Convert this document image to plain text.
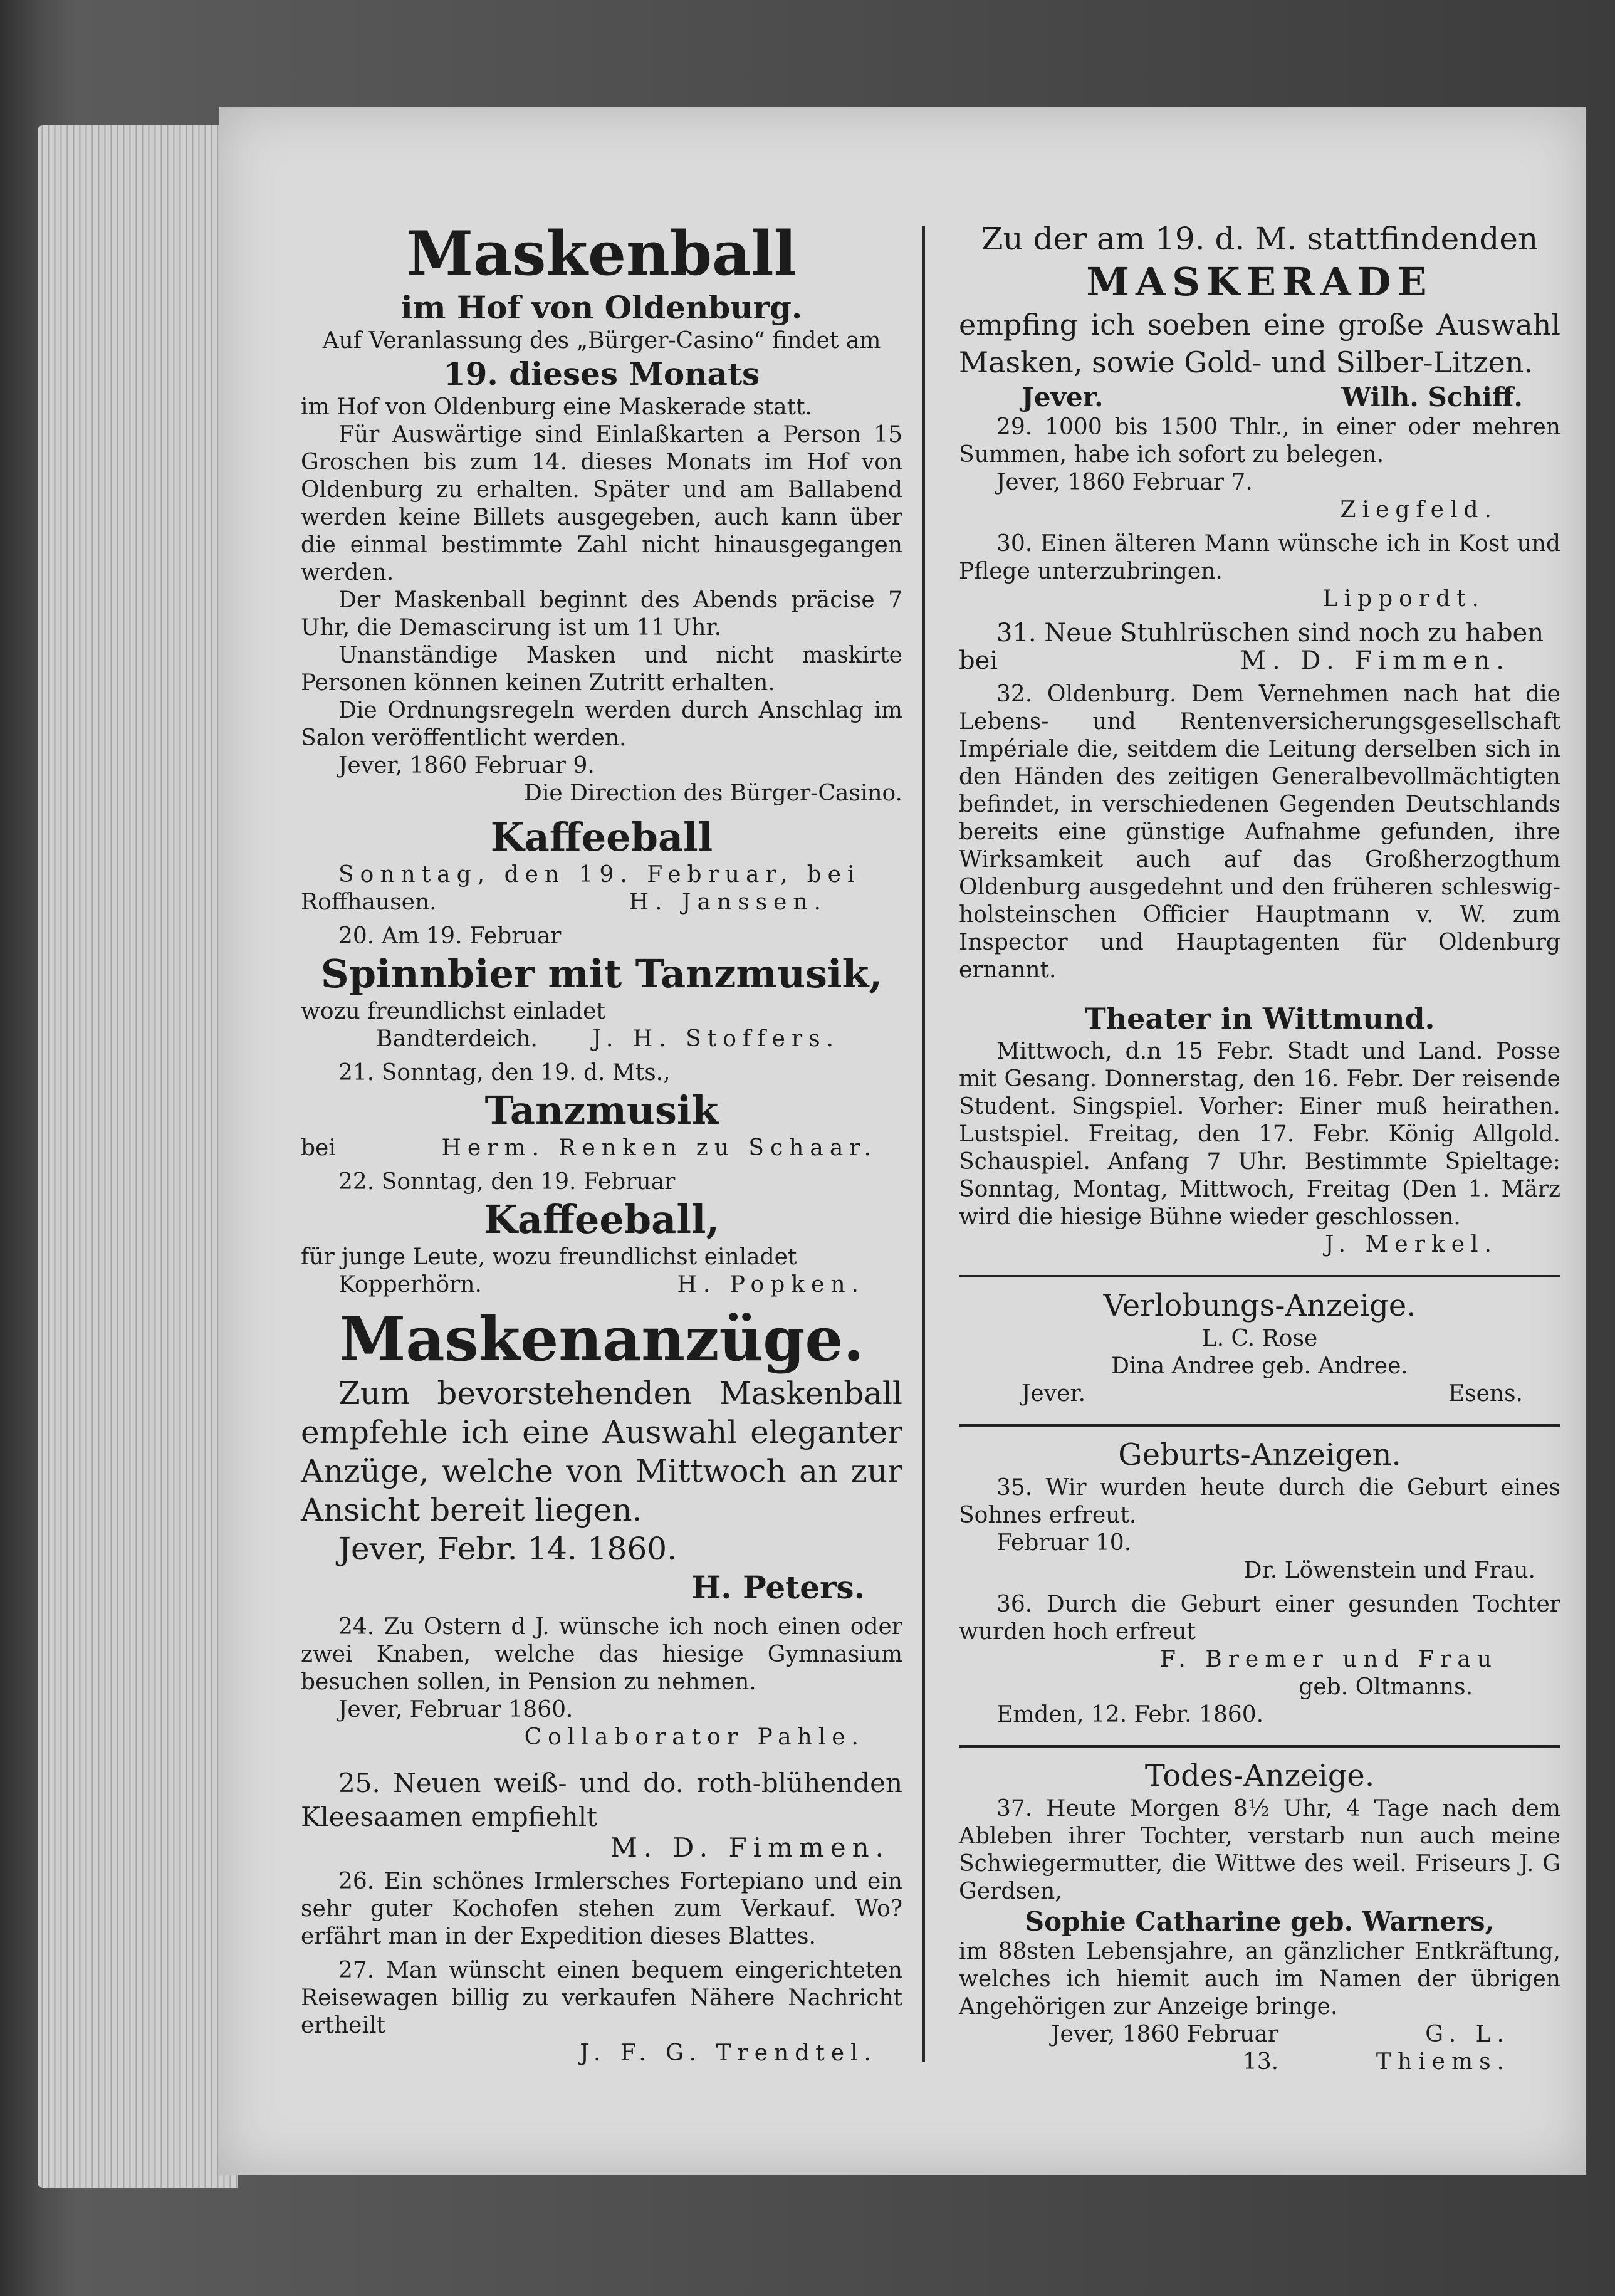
Maskenball

im Hof von Oldenburg.

Auf Veranlassung des „Bürger-Casino“ findet am

19. dieses Monats

im Hof von Oldenburg eine Maskerade statt.

Für Auswärtige sind Einlaßkarten a Person 15 Groschen bis zum 14. dieses Monats im Hof von Oldenburg zu erhalten. Später und am Ballabend werden keine Billets ausgegeben, auch kann über die einmal bestimmte Zahl nicht hinausgegangen werden.

Der Maskenball beginnt des Abends präcise 7 Uhr, die Demascirung ist um 11 Uhr.

Unanständige Masken und nicht maskirte Personen können keinen Zutritt erhalten.

Die Ordnungsregeln werden durch Anschlag im Salon veröffentlicht werden.

Jever, 1860 Februar 9.

Die Direction des Bürger-Casino.

Kaffeeball

Sonntag, den 19. Februar, bei

Roffhausen.	H. Janssen.

20. Am 19. Februar

Spinnbier mit Tanzmusik,

wozu freundlichst einladet

Bandterdeich. J. H. Stoffers.

21. Sonntag, den 19. d. Mts.,

Tanzmusik

bei	Herm. Renken zu Schaar.

22. Sonntag, den 19. Februar

Kaffeeball,

für junge Leute, wozu freundlichst einladet

Kopperhörn.	H. Popken.

Maskenanzüge.

Zum bevorstehenden Maskenball empfehle ich eine Auswahl eleganter Anzüge, welche von Mittwoch an zur Ansicht bereit liegen.

Jever, Febr. 14. 1860.

H. Peters.

24. Zu Ostern d J. wünsche ich noch einen oder zwei Knaben, welche das hiesige Gymnasium besuchen sollen, in Pension zu nehmen.

Jever, Februar 1860.

Collaborator Pahle.

25. Neuen weiß- und do. roth-blühenden Kleesaamen empfiehlt

M. D. Fimmen.

26. Ein schönes Irmlersches Fortepiano und ein sehr guter Kochofen stehen zum Verkauf. Wo? erfährt man in der Expedition dieses Blattes.

27. Man wünscht einen bequem eingerichteten Reisewagen billig zu verkaufen Nähere Nachricht ertheilt

J. F. G. Trendtel.

Zu der am 19. d. M. stattfindenden

MASKERADE

empfing ich soeben eine große Auswahl Masken, sowie Gold- und Silber-Litzen.

Jever.	Wilh. Schiff.

29. 1000 bis 1500 Thlr., in einer oder mehren Summen, habe ich sofort zu belegen.

Jever, 1860 Februar 7.

Ziegfeld.

30. Einen älteren Mann wünsche ich in Kost und Pflege unterzubringen.

Lippordt.

31. Neue Stuhlrüschen sind noch zu haben

bei	M. D. Fimmen.

32. Oldenburg. Dem Vernehmen nach hat die Lebens- und Rentenversicherungsgesellschaft Impériale die, seitdem die Leitung derselben sich in den Händen des zeitigen Generalbevollmächtigten befindet, in verschiedenen Gegenden Deutschlands bereits eine günstige Aufnahme gefunden, ihre Wirksamkeit auch auf das Großherzogthum Oldenburg ausgedehnt und den früheren schleswig-holsteinschen Officier Hauptmann v. W. zum Inspector und Hauptagenten für Oldenburg ernannt.

Theater in Wittmund.

Mittwoch, d.n 15 Febr. Stadt und Land. Posse mit Gesang. Donnerstag, den 16. Febr. Der reisende Student. Singspiel. Vorher: Einer muß heirathen. Lustspiel. Freitag, den 17. Febr. König Allgold. Schauspiel. Anfang 7 Uhr. Bestimmte Spieltage: Sonntag, Montag, Mittwoch, Freitag (Den 1. März wird die hiesige Bühne wieder geschlossen.

J. Merkel.

Verlobungs-Anzeige.

L. C. Rose

Dina Andree geb. Andree.

Jever.	Esens.

Geburts-Anzeigen.

35. Wir wurden heute durch die Geburt eines Sohnes erfreut.

Februar 10.

Dr. Löwenstein und Frau.

36. Durch die Geburt einer gesunden Tochter wurden hoch erfreut

F. Bremer und Frau

geb. Oltmanns.

Emden, 12. Febr. 1860.

Todes-Anzeige.

37. Heute Morgen 8½ Uhr, 4 Tage nach dem Ableben ihrer Tochter, verstarb nun auch meine Schwiegermutter, die Wittwe des weil. Friseurs J. G Gerdsen,

Sophie Catharine geb. Warners,

im 88sten Lebensjahre, an gänzlicher Entkräftung, welches ich hiemit auch im Namen der übrigen Angehörigen zur Anzeige bringe.

Jever, 1860 Februar 13.
G. L. Thiems.
